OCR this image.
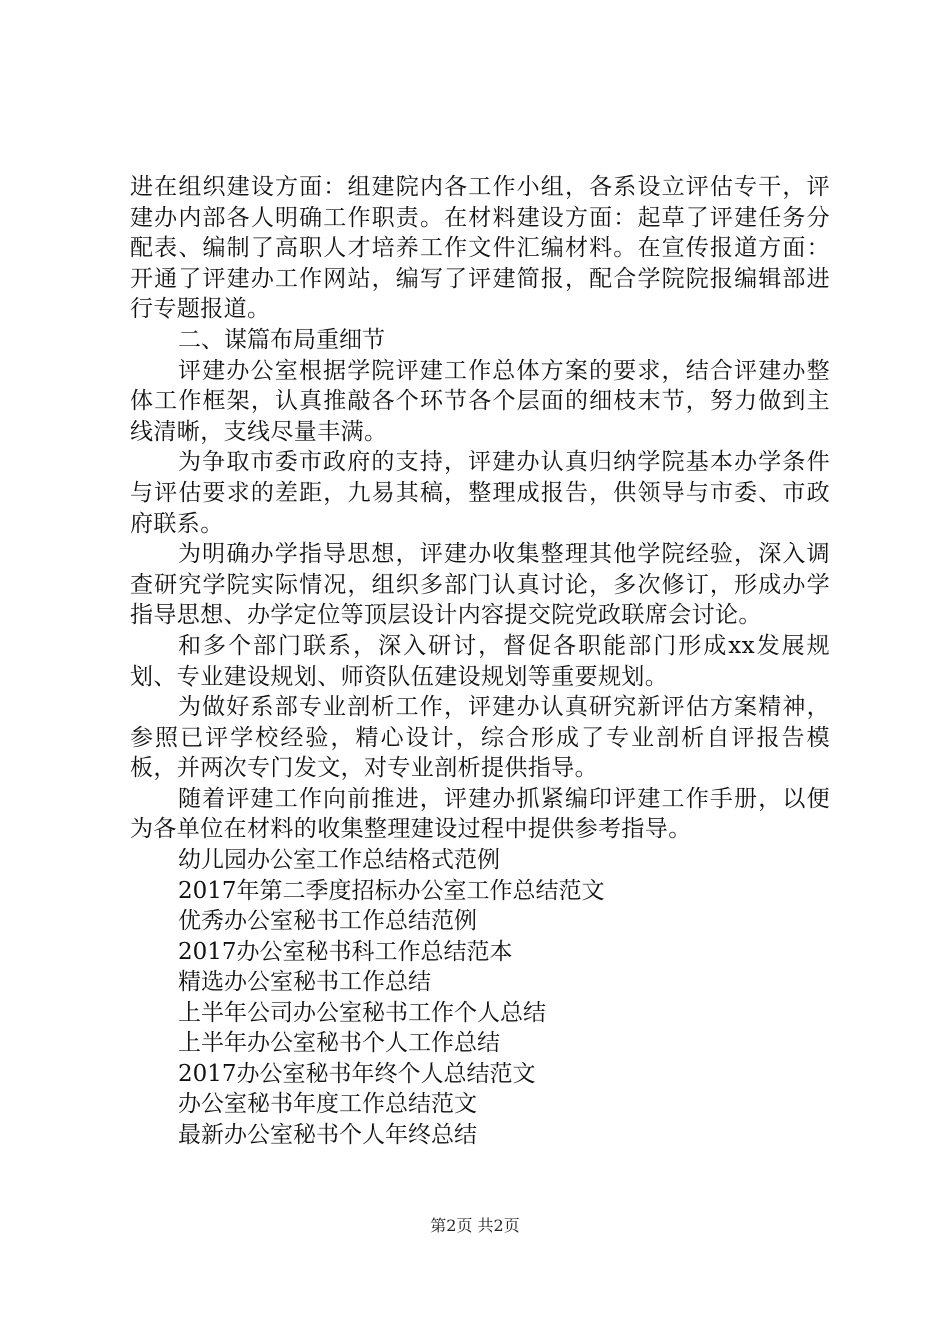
进在组织建设方面：组建院内各工作小组，各系设立评估专干，评建办内部各人明确工作职责。在材料建设方面：起草了评建任务分配表、编制了高职人才培养工作文件汇编材料。在宣传报道方面：开通了评建办工作网站，编写了评建简报，配合学院院报编辑部进行专题报道。

二、谋篇布局重细节

评建办公室根据学院评建工作总体方案的要求，结合评建办整体工作框架，认真推敲各个环节各个层面的细枝末节，努力做到主线清晰，支线尽量丰满。

为争取市委市政府的支持，评建办认真归纳学院基本办学条件与评估要求的差距，九易其稿，整理成报告，供领导与市委、市政府联系。

为明确办学指导思想，评建办收集整理其他学院经验，深入调查研究学院实际情况，组织多部门认真讨论，多次修订，形成办学指导思想、办学定位等顶层设计内容提交院党政联席会讨论。

和多个部门联系，深入研讨，督促各职能部门形成xx发展规划、专业建设规划、师资队伍建设规划等重要规划。

为做好系部专业剖析工作，评建办认真研究新评估方案精神，参照已评学校经验，精心设计，综合形成了专业剖析自评报告模板，并两次专门发文，对专业剖析提供指导。

随着评建工作向前推进，评建办抓紧编印评建工作手册，以便为各单位在材料的收集整理建设过程中提供参考指导。

幼儿园办公室工作总结格式范例
2017年第二季度招标办公室工作总结范文
优秀办公室秘书工作总结范例
2017办公室秘书科工作总结范本
精选办公室秘书工作总结
上半年公司办公室秘书工作个人总结
上半年办公室秘书个人工作总结
2017办公室秘书年终个人总结范文
办公室秘书年度工作总结范文
最新办公室秘书个人年终总结
第2页 共2页
